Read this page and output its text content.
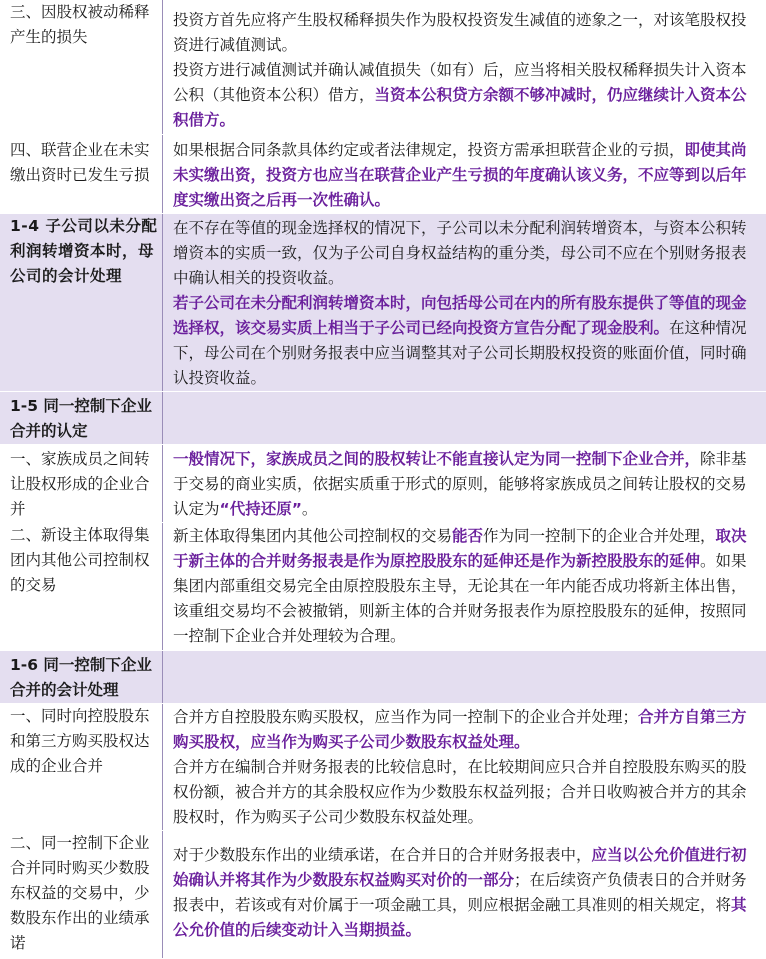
三、因股权被动稀释产生的损失	投资方首先应将产生股权稀释损失作为股权投资发生减值的迹象之一，对该笔股权投资进行减值测试。
投资方进行减值测试并确认减值损失（如有）后，应当将相关股权稀释损失计入资本公积（其他资本公积）借方，当资本公积贷方余额不够冲减时，仍应继续计入资本公积借方。

四、联营企业在未实缴出资时已发生亏损	如果根据合同条款具体约定或者法律规定，投资方需承担联营企业的亏损，即使其尚未实缴出资，投资方也应当在联营企业产生亏损的年度确认该义务，不应等到以后年度实缴出资之后再一次性确认。

1-4 子公司以未分配利润转增资本时，母公司的会计处理	在不存在等值的现金选择权的情况下，子公司以未分配利润转增资本，与资本公积转增资本的实质一致，仅为子公司自身权益结构的重分类，母公司不应在个别财务报表中确认相关的投资收益。
若子公司在未分配利润转增资本时，向包括母公司在内的所有股东提供了等值的现金选择权，该交易实质上相当于子公司已经向投资方宣告分配了现金股利。在这种情况下，母公司在个别财务报表中应当调整其对子公司长期股权投资的账面价值，同时确认投资收益。

1-5 同一控制下企业合并的认定	

一、家族成员之间转让股权形成的企业合并	一般情况下，家族成员之间的股权转让不能直接认定为同一控制下企业合并，除非基于交易的商业实质，依据实质重于形式的原则，能够将家族成员之间转让股权的交易认定为“代持还原”。

二、新设主体取得集团内其他公司控制权的交易	新主体取得集团内其他公司控制权的交易能否作为同一控制下的企业合并处理，取决于新主体的合并财务报表是作为原控股股东的延伸还是作为新控股股东的延伸。如果集团内部重组交易完全由原控股股东主导，无论其在一年内能否成功将新主体出售，该重组交易均不会被撤销，则新主体的合并财务报表作为原控股股东的延伸，按照同一控制下企业合并处理较为合理。

1-6 同一控制下企业合并的会计处理	

一、同时向控股股东和第三方购买股权达成的企业合并	合并方自控股股东购买股权，应当作为同一控制下的企业合并处理；合并方自第三方购买股权，应当作为购买子公司少数股东权益处理。
合并方在编制合并财务报表的比较信息时，在比较期间应只合并自控股股东购买的股权份额，被合并方的其余股权应作为少数股东权益列报；合并日收购被合并方的其余股权时，作为购买子公司少数股东权益处理。

二、同一控制下企业合并同时购买少数股东权益的交易中，少数股东作出的业绩承诺	对于少数股东作出的业绩承诺，在合并日的合并财务报表中，应当以公允价值进行初始确认并将其作为少数股东权益购买对价的一部分；在后续资产负债表日的合并财务报表中，若该或有对价属于一项金融工具，则应根据金融工具准则的相关规定，将其公允价值的后续变动计入当期损益。
